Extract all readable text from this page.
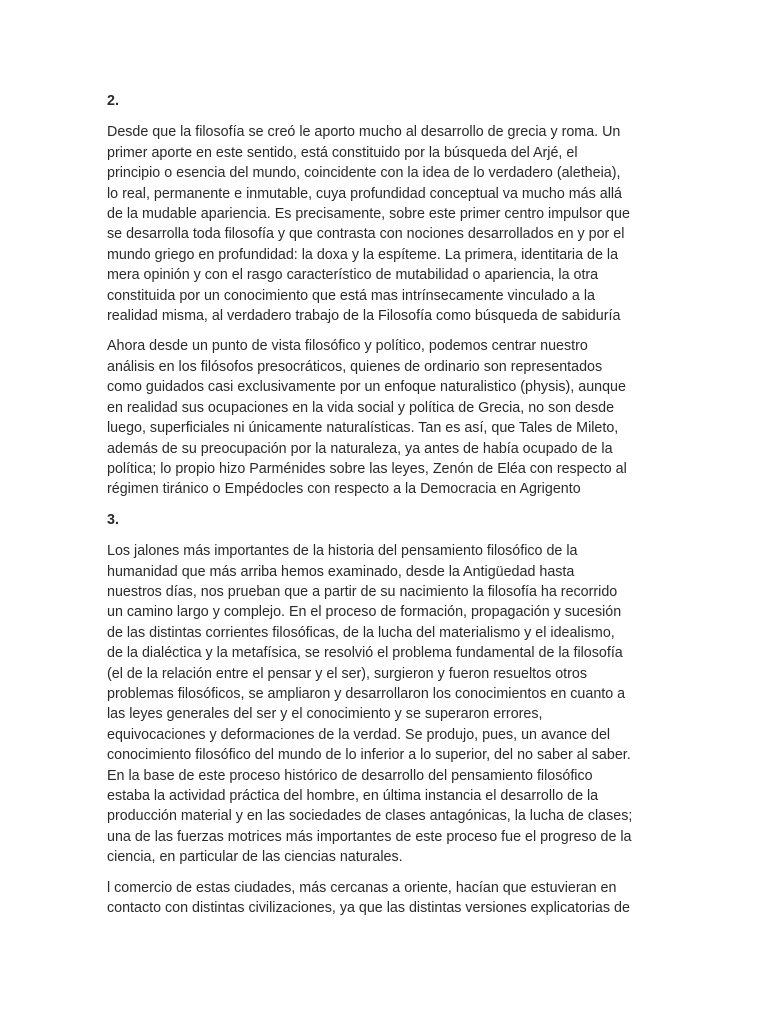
2.
Desde que la filosofía se creó le aporto mucho al desarrollo de grecia y roma. Un
primer aporte en este sentido, está constituido por la búsqueda del Arjé, el
principio o esencia del mundo, coincidente con la idea de lo verdadero (aletheia),
lo real, permanente e inmutable, cuya profundidad conceptual va mucho más allá
de la mudable apariencia. Es precisamente, sobre este primer centro impulsor que
se desarrolla toda filosofía y que contrasta con nociones desarrollados en y por el
mundo griego en profundidad: la doxa y la espíteme. La primera, identitaria de la
mera opinión y con el rasgo característico de mutabilidad o apariencia, la otra
constituida por un conocimiento que está mas intrínsecamente vinculado a la
realidad misma, al verdadero trabajo de la Filosofía como búsqueda de sabiduría
Ahora desde un punto de vista filosófico y político, podemos centrar nuestro
análisis en los filósofos presocráticos, quienes de ordinario son representados
como guidados casi exclusivamente por un enfoque naturalistico (physis), aunque
en realidad sus ocupaciones en la vida social y política de Grecia, no son desde
luego, superficiales ni únicamente naturalísticas. Tan es así, que Tales de Mileto,
además de su preocupación por la naturaleza, ya antes de había ocupado de la
política; lo propio hizo Parménides sobre las leyes, Zenón de Eléa con respecto al
régimen tiránico o Empédocles con respecto a la Democracia en Agrigento
3.
Los jalones más importantes de la historia del pensamiento filosófico de la
humanidad que más arriba hemos examinado, desde la Antigüedad hasta
nuestros días, nos prueban que a partir de su nacimiento la filosofía ha recorrido
un camino largo y complejo. En el proceso de formación, propagación y sucesión
de las distintas corrientes filosóficas, de la lucha del materialismo y el idealismo,
de la dialéctica y la metafísica, se resolvió el problema fundamental de la filosofía
(el de la relación entre el pensar y el ser), surgieron y fueron resueltos otros
problemas filosóficos, se ampliaron y desarrollaron los conocimientos en cuanto a
las leyes generales del ser y el conocimiento y se superaron errores,
equivocaciones y deformaciones de la verdad. Se produjo, pues, un avance del
conocimiento filosófico del mundo de lo inferior a lo superior, del no saber al saber.
En la base de este proceso histórico de desarrollo del pensamiento filosófico
estaba la actividad práctica del hombre, en última instancia el desarrollo de la
producción material y en las sociedades de clases antagónicas, la lucha de clases;
una de las fuerzas motrices más importantes de este proceso fue el progreso de la
ciencia, en particular de las ciencias naturales.
l comercio de estas ciudades, más cercanas a oriente, hacían que estuvieran en
contacto con distintas civilizaciones, ya que las distintas versiones explicatorias de
